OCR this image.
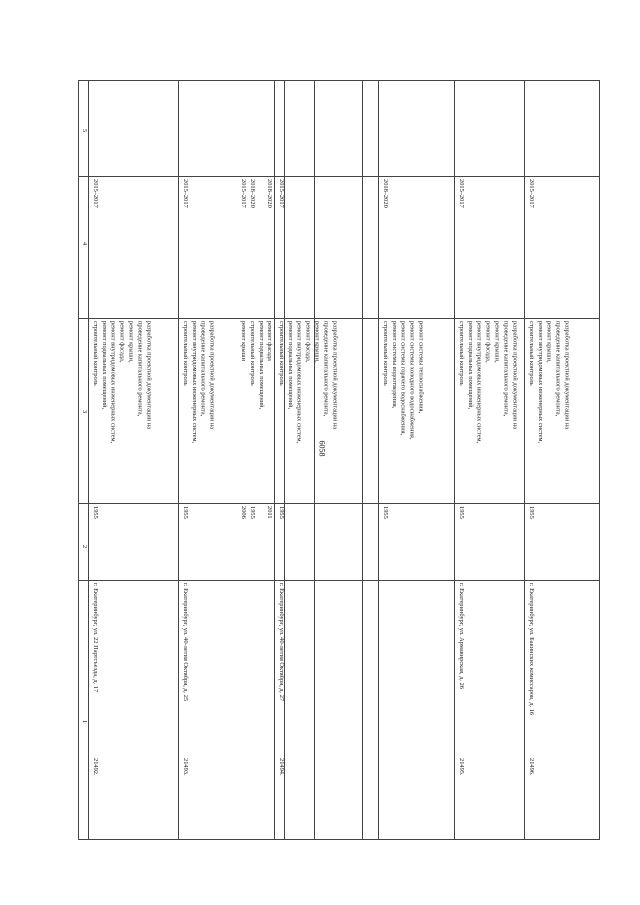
6058
5
4
3
2
1
21492.
г. Екатеринбург, ул. 22 Партсъезда, д. 17
1955
разработка проектной документации на
проведение капитального ремонта,
ремонт крыши,
ремонт фасада,
ремонт внутридомовых инженерных систем,
ремонт подвальных помещений,
строительный контроль
2015–2017
21493.
г. Екатеринбург, ул. 40-летия Октября, д. 25
1955
разработка проектной документации на
проведение капитального ремонта,
ремонт внутридомовых инженерных систем,
строительный контроль
2015–2017
2006
ремонт крыши
2015–2017
1955
ремонт подвальных помещений,
строительный контроль
2018–2020
2011
ремонт фасада
2018–2020
21494.
г. Екатеринбург, ул. 40-летия Октября, д. 27
1955
разработка проектной документации на
проведение капитального ремонта,
ремонт крыши,
ремонт фасада,
ремонт внутридомовых инженерных систем,
ремонт подвальных помещений,
строительный контроль
2015–2017
1955
ремонт системы теплоснабжения,
ремонт системы холодного водоснабжения,
ремонт системы горячего водоснабжения,
ремонт системы водоотведения,
строительный контроль
2018–2020
21495.
г. Екатеринбург, ул. Армавирская, д. 26
1955
разработка проектной документации на
проведение капитального ремонта,
ремонт крыши,
ремонт фасада,
ремонт внутридомовых инженерных систем,
ремонт подвальных помещений,
строительный контроль
2015–2017
21496.
г. Екатеринбург, ул. Бакинских комиссаров, д. 16
1955
разработка проектной документации на
проведение капитального ремонта,
ремонт крыши,
ремонт внутридомовых инженерных систем,
строительный контроль
2015–2017
